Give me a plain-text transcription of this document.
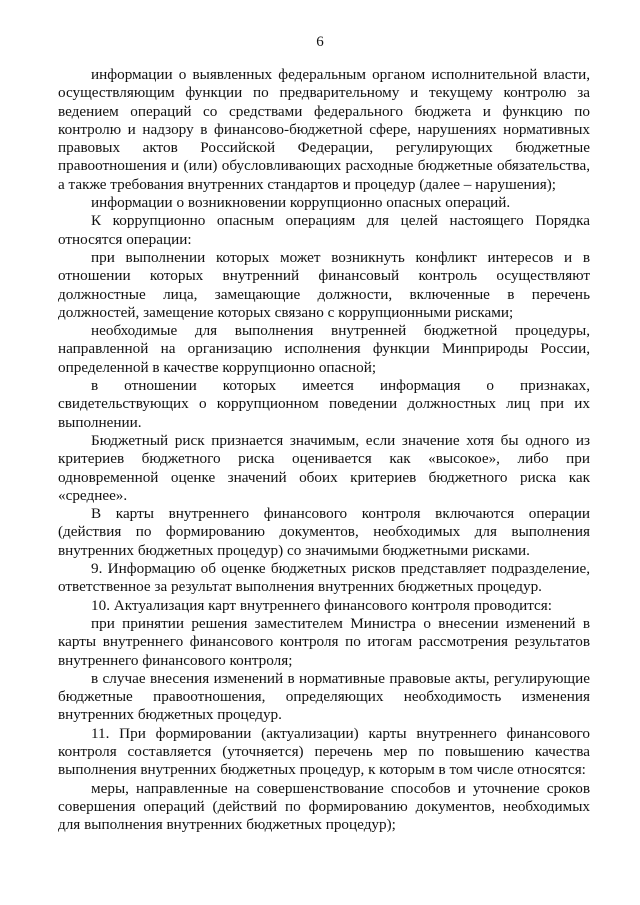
6

информации о выявленных федеральным органом исполнительной власти, осуществляющим функции по предварительному и текущему контролю за ведением операций со средствами федерального бюджета и функцию по контролю и надзору в финансово-бюджетной сфере, нарушениях нормативных правовых актов Российской Федерации, регулирующих бюджетные правоотношения и (или) обусловливающих расходные бюджетные обязательства, а также требования внутренних стандартов и процедур (далее – нарушения);

информации о возникновении коррупционно опасных операций.

К коррупционно опасным операциям для целей настоящего Порядка относятся операции:

при выполнении которых может возникнуть конфликт интересов и в отношении которых внутренний финансовый контроль осуществляют должностные лица, замещающие должности, включенные в перечень должностей, замещение которых связано с коррупционными рисками;

необходимые для выполнения внутренней бюджетной процедуры, направленной на организацию исполнения функции Минприроды России, определенной в качестве коррупционно опасной;

в отношении которых имеется информация о признаках, свидетельствующих о коррупционном поведении должностных лиц при их выполнении.

Бюджетный риск признается значимым, если значение хотя бы одного из критериев бюджетного риска оценивается как «высокое», либо при одновременной оценке значений обоих критериев бюджетного риска как «среднее».

В карты внутреннего финансового контроля включаются операции (действия по формированию документов, необходимых для выполнения внутренних бюджетных процедур) со значимыми бюджетными рисками.

9. Информацию об оценке бюджетных рисков представляет подразделение, ответственное за результат выполнения внутренних бюджетных процедур.

10. Актуализация карт внутреннего финансового контроля проводится:

при принятии решения заместителем Министра о внесении изменений в карты внутреннего финансового контроля по итогам рассмотрения результатов внутреннего финансового контроля;

в случае внесения изменений в нормативные правовые акты, регулирующие бюджетные правоотношения, определяющих необходимость изменения внутренних бюджетных процедур.

11. При формировании (актуализации) карты внутреннего финансового контроля составляется (уточняется) перечень мер по повышению качества выполнения внутренних бюджетных процедур, к которым в том числе относятся:

меры, направленные на совершенствование способов и уточнение сроков совершения операций (действий по формированию документов, необходимых для выполнения внутренних бюджетных процедур);
